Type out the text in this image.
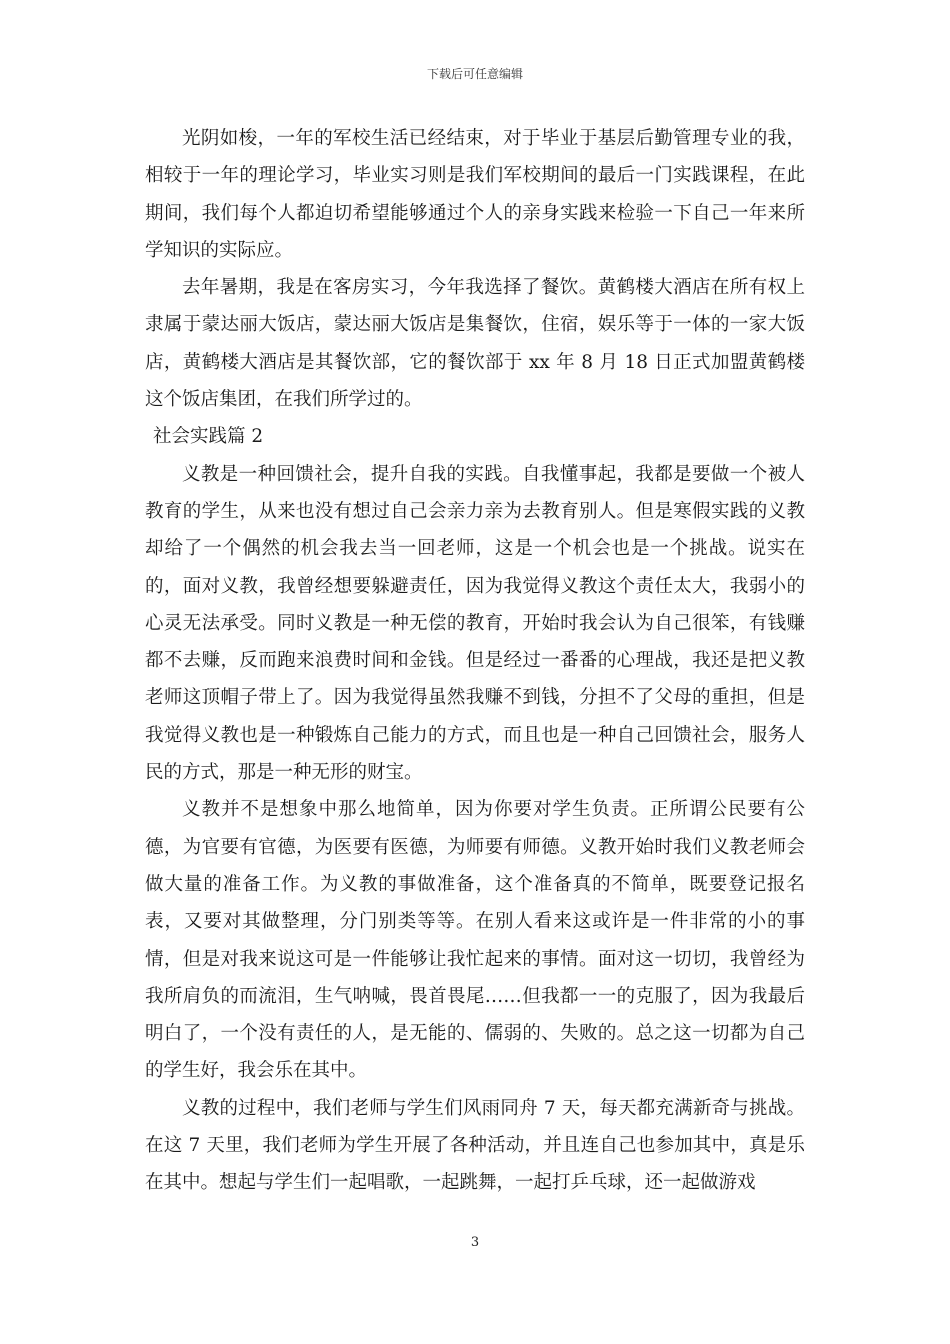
下载后可任意编辑

光阴如梭，一年的军校生活已经结束，对于毕业于基层后勤管理专业的我，相较于一年的理论学习，毕业实习则是我们军校期间的最后一门实践课程，在此期间，我们每个人都迫切希望能够通过个人的亲身实践来检验一下自己一年来所学知识的实际应。

去年暑期，我是在客房实习，今年我选择了餐饮。黄鹤楼大酒店在所有权上隶属于蒙达丽大饭店，蒙达丽大饭店是集餐饮，住宿，娱乐等于一体的一家大饭店，黄鹤楼大酒店是其餐饮部，它的餐饮部于 xx 年 8 月 18 日正式加盟黄鹤楼这个饭店集团，在我们所学过的。

社会实践篇 2

义教是一种回馈社会，提升自我的实践。自我懂事起，我都是要做一个被人教育的学生，从来也没有想过自己会亲力亲为去教育别人。但是寒假实践的义教却给了一个偶然的机会我去当一回老师，这是一个机会也是一个挑战。说实在的，面对义教，我曾经想要躲避责任，因为我觉得义教这个责任太大，我弱小的心灵无法承受。同时义教是一种无偿的教育，开始时我会认为自己很笨，有钱赚都不去赚，反而跑来浪费时间和金钱。但是经过一番番的心理战，我还是把义教老师这顶帽子带上了。因为我觉得虽然我赚不到钱，分担不了父母的重担，但是我觉得义教也是一种锻炼自己能力的方式，而且也是一种自己回馈社会，服务人民的方式，那是一种无形的财宝。

义教并不是想象中那么地简单，因为你要对学生负责。正所谓公民要有公德，为官要有官德，为医要有医德，为师要有师德。义教开始时我们义教老师会做大量的准备工作。为义教的事做准备，这个准备真的不简单，既要登记报名表，又要对其做整理，分门别类等等。在别人看来这或许是一件非常的小的事情，但是对我来说这可是一件能够让我忙起来的事情。面对这一切切，我曾经为我所肩负的而流泪，生气呐喊，畏首畏尾……但我都一一的克服了，因为我最后明白了，一个没有责任的人，是无能的、儒弱的、失败的。总之这一切都为自己的学生好，我会乐在其中。

义教的过程中，我们老师与学生们风雨同舟 7 天，每天都充满新奇与挑战。在这 7 天里，我们老师为学生开展了各种活动，并且连自己也参加其中，真是乐在其中。想起与学生们一起唱歌，一起跳舞，一起打乒乓球，还一起做游戏

3
